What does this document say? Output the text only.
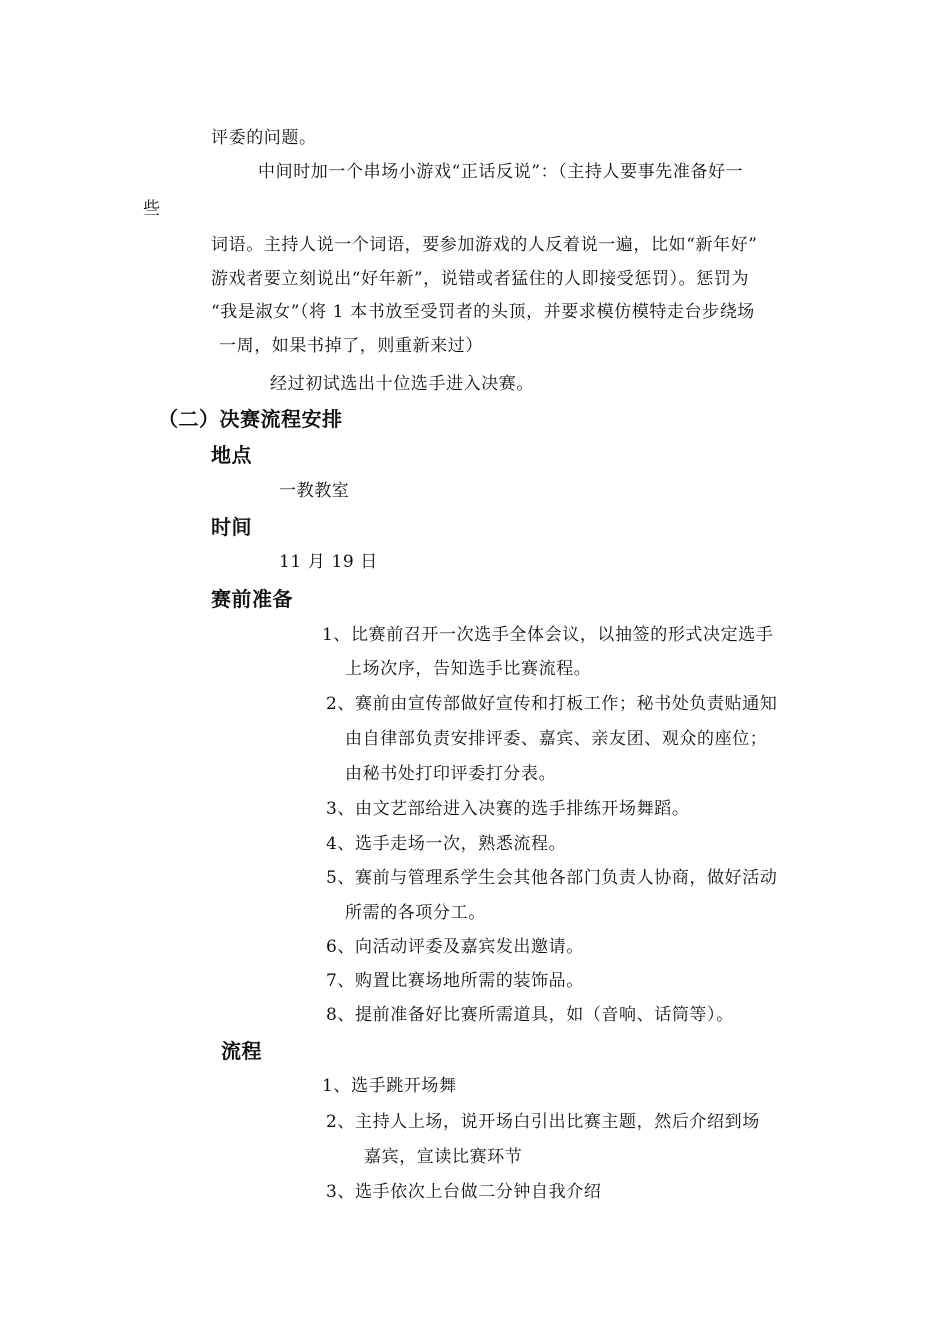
评委的问题。
中间时加一个串场小游戏“正话反说”：（主持人要事先准备好一
些
词语。主持人说一个词语，要参加游戏的人反着说一遍，比如“新年好”
游戏者要立刻说出“好年新”，说错或者猛住的人即接受惩罚）。惩罚为
“我是淑女”（将 1 本书放至受罚者的头顶，并要求模仿模特走台步绕场
一周，如果书掉了，则重新来过）
经过初试选出十位选手进入决赛。
（二）决赛流程安排
地点
一教教室
时间
11 月 19 日
赛前准备
1、比赛前召开一次选手全体会议，以抽签的形式决定选手
上场次序，告知选手比赛流程。
2、赛前由宣传部做好宣传和打板工作；秘书处负责贴通知
由自律部负责安排评委、嘉宾、亲友团、观众的座位；
由秘书处打印评委打分表。
3、由文艺部给进入决赛的选手排练开场舞蹈。
4、选手走场一次，熟悉流程。
5、赛前与管理系学生会其他各部门负责人协商，做好活动
所需的各项分工。
6、向活动评委及嘉宾发出邀请。
7、购置比赛场地所需的装饰品。
8、提前准备好比赛所需道具，如（音响、话筒等）。
流程
1、选手跳开场舞
2、主持人上场，说开场白引出比赛主题，然后介绍到场
嘉宾，宣读比赛环节
3、选手依次上台做二分钟自我介绍
